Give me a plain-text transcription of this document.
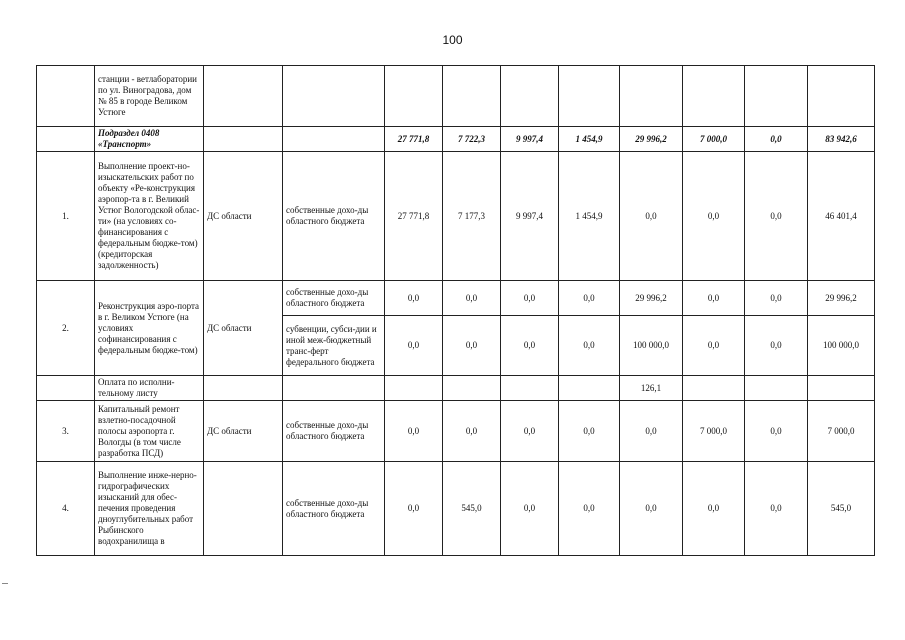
100
	станции - ветлаборатории по ул. Виноградова, дом № 85 в городе Великом Устюге										
	Подраздел 0408 «Транспорт»			27 771,8	7 722,3	9 997,4	1 454,9	29 996,2	7 000,0	0,0	83 942,6
1.	Выполнение проект-но-изыскательских работ по объекту «Ре-конструкция аэропор-та в г. Великий Устюг Вологодской облас-ти» (на условиях со-финансирования с федеральным бюдже-том) (кредиторская задолженность)	ДС области	собственные дохо-ды областного бюджета	27 771,8	7 177,3	9 997,4	1 454,9	0,0	0,0	0,0	46 401,4
2.	Реконструкция аэро-порта в г. Великом Устюге (на условиях софинансирования с федеральным бюдже-том)	ДС области	собственные дохо-ды областного бюджета	0,0	0,0	0,0	0,0	29 996,2	0,0	0,0	29 996,2
			субвенции, субси-дии и иной меж-бюджетный транс-ферт федерального бюджета	0,0	0,0	0,0	0,0	100 000,0	0,0	0,0	100 000,0
	Оплата по исполни-тельному листу							126,1			
3.	Капитальный ремонт взлетно-посадочной полосы аэропорта г. Вологды (в том числе разработка ПСД)	ДС области	собственные дохо-ды областного бюджета	0,0	0,0	0,0	0,0	0,0	7 000,0	0,0	7 000,0
4.	Выполнение инже-нерно-гидрографических изысканий для обес-печения проведения дноуглубительных работ Рыбинского водохранилища в		собственные дохо-ды областного бюджета	0,0	545,0	0,0	0,0	0,0	0,0	0,0	545,0
